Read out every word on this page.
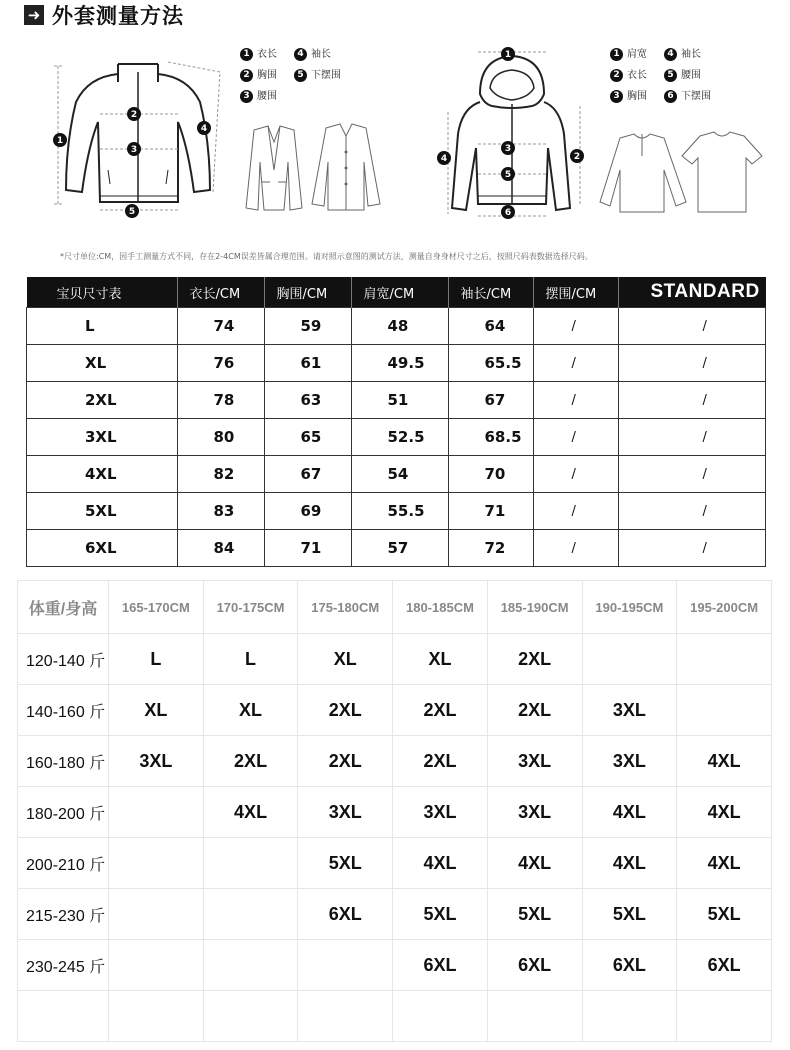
➜ 外套测量方法
1
2
3
4
5
1 衣长	4 袖长
2 胸围	5 下摆围
3 腰围
1
2
3
4
5
6
1 肩宽	4 袖长
2 衣长	5 腰围
3 胸围	6 下摆围
*尺寸单位:CM，因手工测量方式不同，存在2-4CM误差皆属合理范围。请对照示意图的测试方法，测量自身身材尺寸之后，按照尺码表数据选择尺码。
宝贝尺寸表	衣长/CM	胸围/CM	肩宽/CM	袖长/CM	摆围/CM	STANDARD
L	74	59	48	64	/	/
XL	76	61	49.5	65.5	/	/
2XL	78	63	51	67	/	/
3XL	80	65	52.5	68.5	/	/
4XL	82	67	54	70	/	/
5XL	83	69	55.5	71	/	/
6XL	84	71	57	72	/	/
体重/身高	165-170CM	170-175CM	175-180CM	180-185CM	185-190CM	190-195CM	195-200CM
120-140 斤	L	L	XL	XL	2XL		
140-160 斤	XL	XL	2XL	2XL	2XL	3XL	
160-180 斤	3XL	2XL	2XL	2XL	3XL	3XL	4XL
180-200 斤		4XL	3XL	3XL	3XL	4XL	4XL
200-210 斤			5XL	4XL	4XL	4XL	4XL
215-230 斤			6XL	5XL	5XL	5XL	5XL
230-245 斤				6XL	6XL	6XL	6XL
